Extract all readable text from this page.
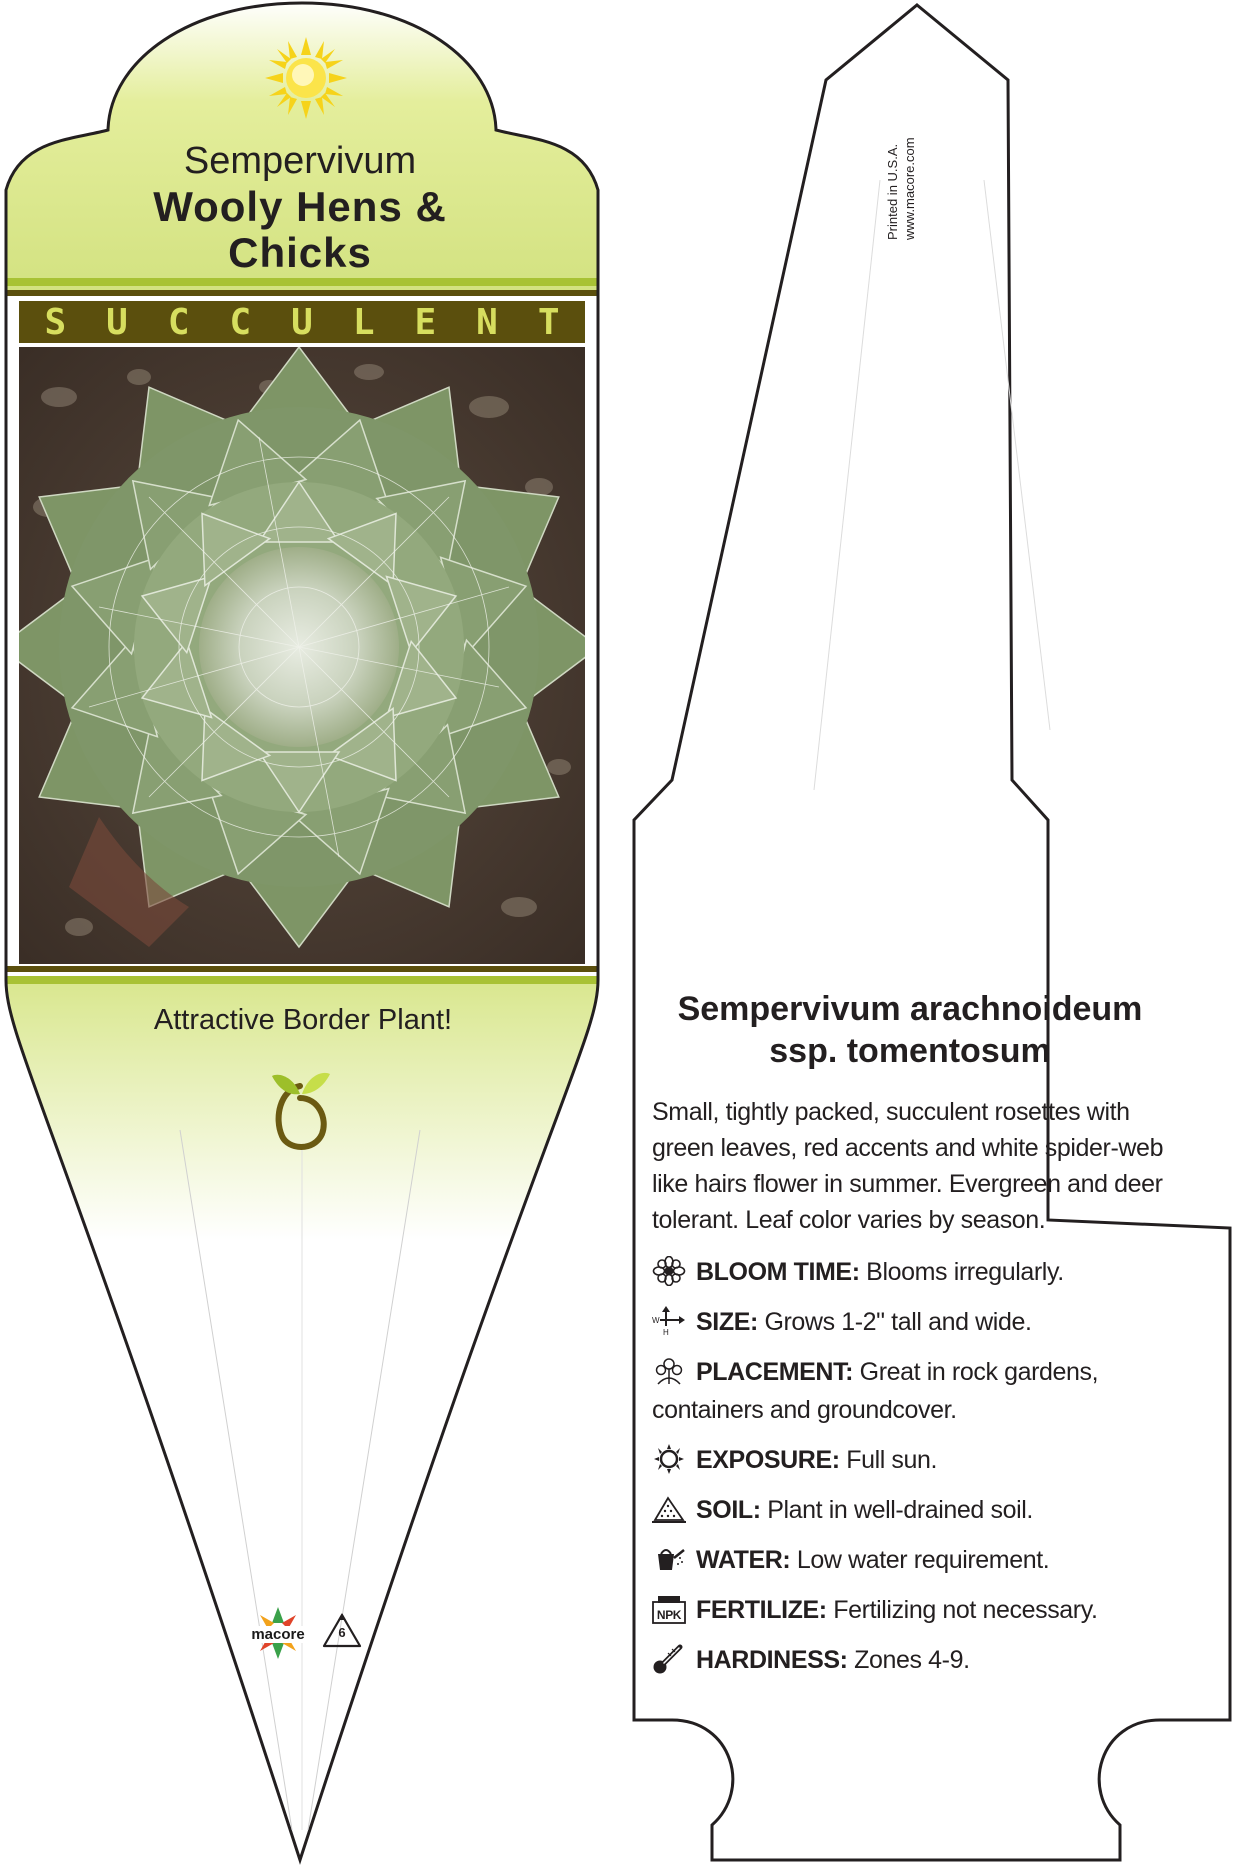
Sempervivum
Wooly Hens &
Chicks
SUCCULENT
Attractive Border Plant!
macore	6
Printed in U.S.A. www.macore.com
Sempervivum arachnoideum
ssp. tomentosum
Small, tightly packed, succulent rosettes with green leaves, red accents and white spider-web like hairs flower in summer. Evergreen and deer tolerant. Leaf color varies by season.
BLOOM TIME: Blooms irregularly.
W
H SIZE: Grows 1-2" tall and wide.
PLACEMENT: Great in rock gardens, containers and groundcover.
EXPOSURE: Full sun.
SOIL: Plant in well-drained soil.
WATER: Low water requirement.
NPK FERTILIZE: Fertilizing not necessary.
HARDINESS: Zones 4-9.
